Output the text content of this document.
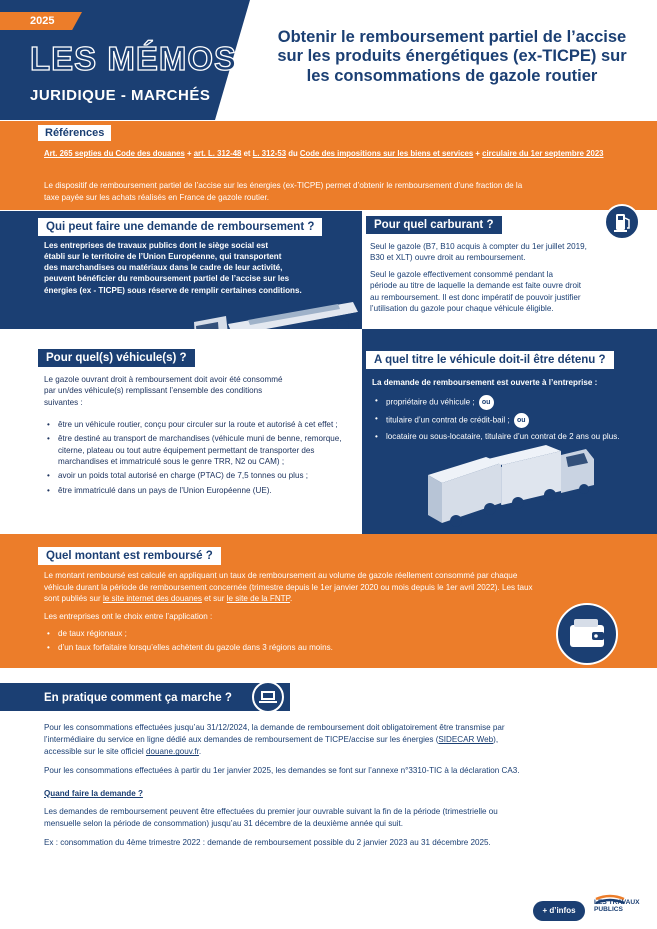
2025
LES MÉMOS
JURIDIQUE - MARCHÉS
Obtenir le remboursement partiel de l’accise
sur les produits énergétiques (ex-TICPE) sur
les consommations de gazole routier
Références
Art. 265 septies du Code des douanes + art. L. 312-48 et L. 312-53 du Code des impositions sur les biens et services + circulaire du 1er septembre 2023
Le dispositif de remboursement partiel de l’accise sur les énergies (ex-TICPE) permet d’obtenir le remboursement d’une fraction de la
taxe payée sur les achats réalisés en France de gazole routier.
Qui peut faire une demande de remboursement ?
Les entreprises de travaux publics dont le siège social est
établi sur le territoire de l’Union Européenne, qui transportent
des marchandises ou matériaux dans le cadre de leur activité,
peuvent bénéficier du remboursement partiel de l’accise sur les
énergies (ex - TICPE) sous réserve de remplir certaines conditions.
Pour quel carburant ?
Seul le gazole (B7, B10 acquis à compter du 1er juillet 2019,
B30 et XLT) ouvre droit au remboursement.
Seul le gazole effectivement consommé pendant la
période au titre de laquelle la demande est faite ouvre droit
au remboursement. Il est donc impératif de pouvoir justifier
l’utilisation du gazole pour chaque véhicule éligible.
Pour quel(s) véhicule(s) ?
Le gazole ouvrant droit à remboursement doit avoir été consommé
par un/des véhicule(s) remplissant l’ensemble des conditions
suivantes :
• être un véhicule routier, conçu pour circuler sur la route et autorisé à cet effet ;
• être destiné au transport de marchandises (véhicule muni de benne, remorque, citerne, plateau ou tout autre équipement permettant de transporter des marchandises et immatriculé sous le genre TRR, N2 ou CAM) ;
• avoir un poids total autorisé en charge (PTAC) de 7,5 tonnes ou plus ;
• être immatriculé dans un pays de l’Union Européenne (UE).
A quel titre le véhicule doit-il être détenu ?
La demande de remboursement est ouverte à l’entreprise :
• propriétaire du véhicule ; ou
• titulaire d’un contrat de crédit-bail ; ou
• locataire ou sous-locataire, titulaire d’un contrat de 2 ans ou plus.
Quel montant est remboursé ?
Le montant remboursé est calculé en appliquant un taux de remboursement au volume de gazole réellement consommé par chaque
véhicule durant la période de remboursement concernée (trimestre depuis le 1er janvier 2020 ou mois depuis le 1er avril 2022). Les taux
sont publiés sur le site internet des douanes et sur le site de la FNTP.
Les entreprises ont le choix entre l’application :
• de taux régionaux ;
• d’un taux forfaitaire lorsqu’elles achètent du gazole dans 3 régions au moins.
En pratique comment ça marche ?
Pour les consommations effectuées jusqu’au 31/12/2024, la demande de remboursement doit obligatoirement être transmise par
l’intermédiaire du service en ligne dédié aux demandes de remboursement de TICPE/accise sur les énergies (SIDECAR Web),
accessible sur le site officiel douane.gouv.fr.
Pour les consommations effectuées à partir du 1er janvier 2025, les demandes se font sur l’annexe n°3310-TIC à la déclaration CA3.
Quand faire la demande ?
Les demandes de remboursement peuvent être effectuées du premier jour ouvrable suivant la fin de la période (trimestrielle ou
mensuelle selon la période de consommation) jusqu’au 31 décembre de la deuxième année qui suit.
Ex : consommation du 4ème trimestre 2022 : demande de remboursement possible du 2 janvier 2023 au 31 décembre 2025.
+ d’infos
LES TRAVAUX PUBLICS
